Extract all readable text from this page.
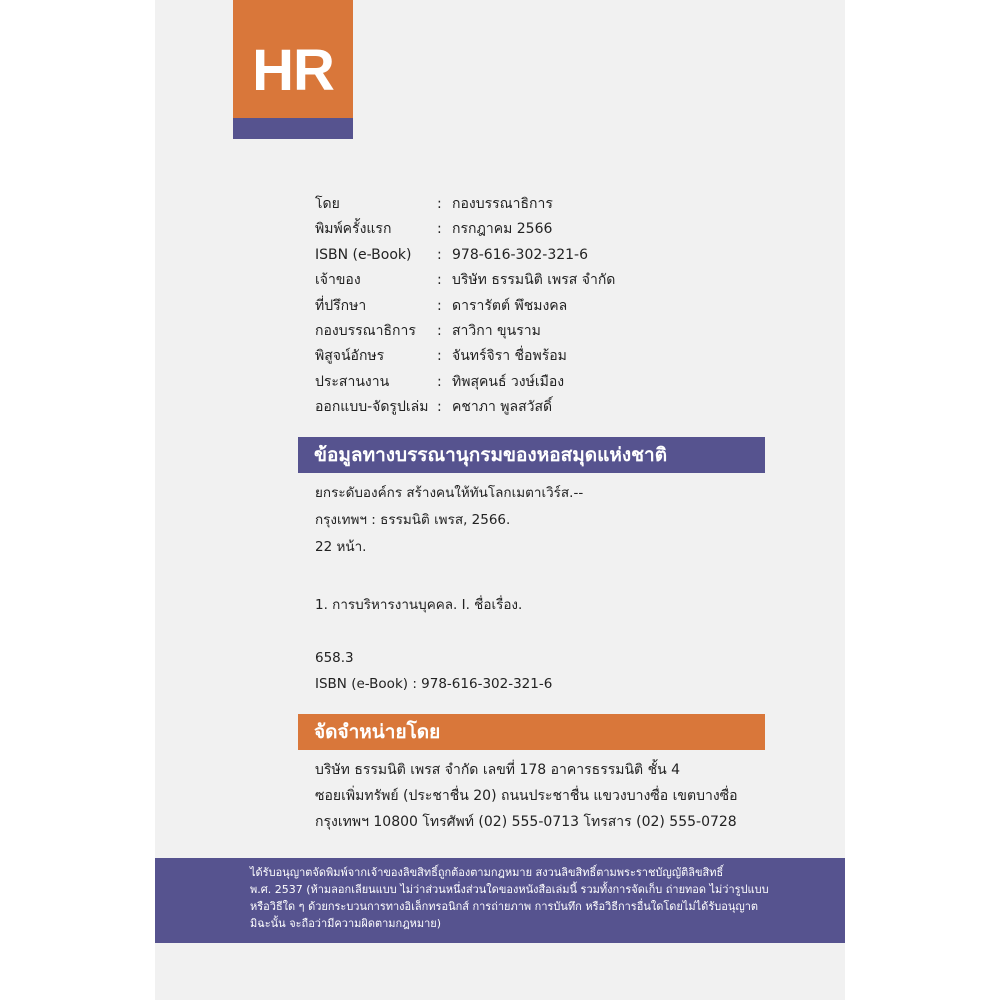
HR
โดย	: กองบรรณาธิการ
พิมพ์ครั้งแรก	: กรกฎาคม 2566
ISBN (e-Book)	: 978-616-302-321-6
เจ้าของ	: บริษัท ธรรมนิติ เพรส จำกัด
ที่ปรึกษา	: ดารารัตต์ พึชมงคล
กองบรรณาธิการ	: สาวิกา ขุนราม
พิสูจน์อักษร	: จันทร์จิรา ชื่อพร้อม
ประสานงาน	: ทิพสุคนธ์ วงษ์เมือง
ออกแบบ-จัดรูปเล่ม : คชาภา พูลสวัสดิ์
ข้อมูลทางบรรณานุกรมของหอสมุดแห่งชาติ
ยกระดับองค์กร สร้างคนให้ทันโลกเมตาเวิร์ส.--
กรุงเทพฯ : ธรรมนิติ เพรส, 2566.
22 หน้า.
1. การบริหารงานบุคคล. I. ชื่อเรื่อง.
658.3
ISBN (e-Book) : 978-616-302-321-6
จัดจำหน่ายโดย
บริษัท ธรรมนิติ เพรส จำกัด เลขที่ 178 อาคารธรรมนิติ ชั้น 4
ซอยเพิ่มทรัพย์ (ประชาชื่น 20) ถนนประชาชื่น แขวงบางซื่อ เขตบางซื่อ
กรุงเทพฯ 10800 โทรศัพท์ (02) 555-0713 โทรสาร (02) 555-0728
ได้รับอนุญาตจัดพิมพ์จากเจ้าของลิขสิทธิ์ถูกต้องตามกฎหมาย สงวนลิขสิทธิ์ตามพระราชบัญญัติลิขสิทธิ์
พ.ศ. 2537 (ห้ามลอกเลียนแบบ ไม่ว่าส่วนหนึ่งส่วนใดของหนังสือเล่มนี้ รวมทั้งการจัดเก็บ ถ่ายทอด ไม่ว่ารูปแบบ
หรือวิธีใด ๆ ด้วยกระบวนการทางอิเล็กทรอนิกส์ การถ่ายภาพ การบันทึก หรือวิธีการอื่นใดโดยไม่ได้รับอนุญาต
มิฉะนั้น จะถือว่ามีความผิดตามกฎหมาย)
